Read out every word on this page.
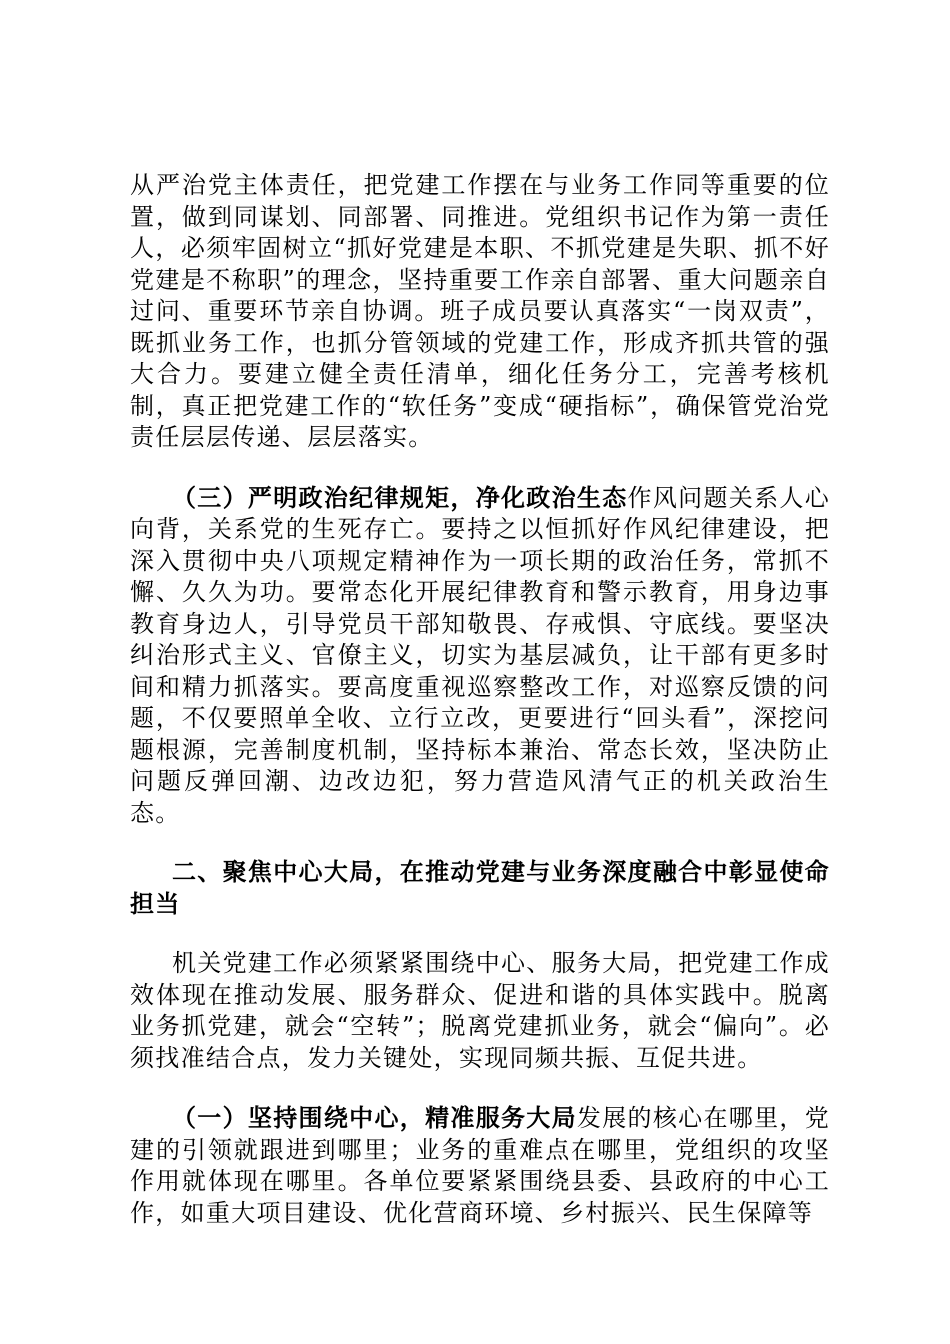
从严治党主体责任，把党建工作摆在与业务工作同等重要的位置，做到同谋划、同部署、同推进。党组织书记作为第一责任人，必须牢固树立“抓好党建是本职、不抓党建是失职、抓不好党建是不称职”的理念，坚持重要工作亲自部署、重大问题亲自过问、重要环节亲自协调。班子成员要认真落实“一岗双责”，既抓业务工作，也抓分管领域的党建工作，形成齐抓共管的强大合力。要建立健全责任清单，细化任务分工，完善考核机制，真正把党建工作的“软任务”变成“硬指标”，确保管党治党责任层层传递、层层落实。

（三）严明政治纪律规矩，净化政治生态作风问题关系人心向背，关系党的生死存亡。要持之以恒抓好作风纪律建设，把深入贯彻中央八项规定精神作为一项长期的政治任务，常抓不懈、久久为功。要常态化开展纪律教育和警示教育，用身边事教育身边人，引导党员干部知敬畏、存戒惧、守底线。要坚决纠治形式主义、官僚主义，切实为基层减负，让干部有更多时间和精力抓落实。要高度重视巡察整改工作，对巡察反馈的问题，不仅要照单全收、立行立改，更要进行“回头看”，深挖问题根源，完善制度机制，坚持标本兼治、常态长效，坚决防止问题反弹回潮、边改边犯，努力营造风清气正的机关政治生态。

二、聚焦中心大局，在推动党建与业务深度融合中彰显使命担当

机关党建工作必须紧紧围绕中心、服务大局，把党建工作成效体现在推动发展、服务群众、促进和谐的具体实践中。脱离业务抓党建，就会“空转”；脱离党建抓业务，就会“偏向”。必须找准结合点，发力关键处，实现同频共振、互促共进。

（一）坚持围绕中心，精准服务大局发展的核心在哪里，党建的引领就跟进到哪里；业务的重难点在哪里，党组织的攻坚作用就体现在哪里。各单位要紧紧围绕县委、县政府的中心工作，如重大项目建设、优化营商环境、乡村振兴、民生保障等
